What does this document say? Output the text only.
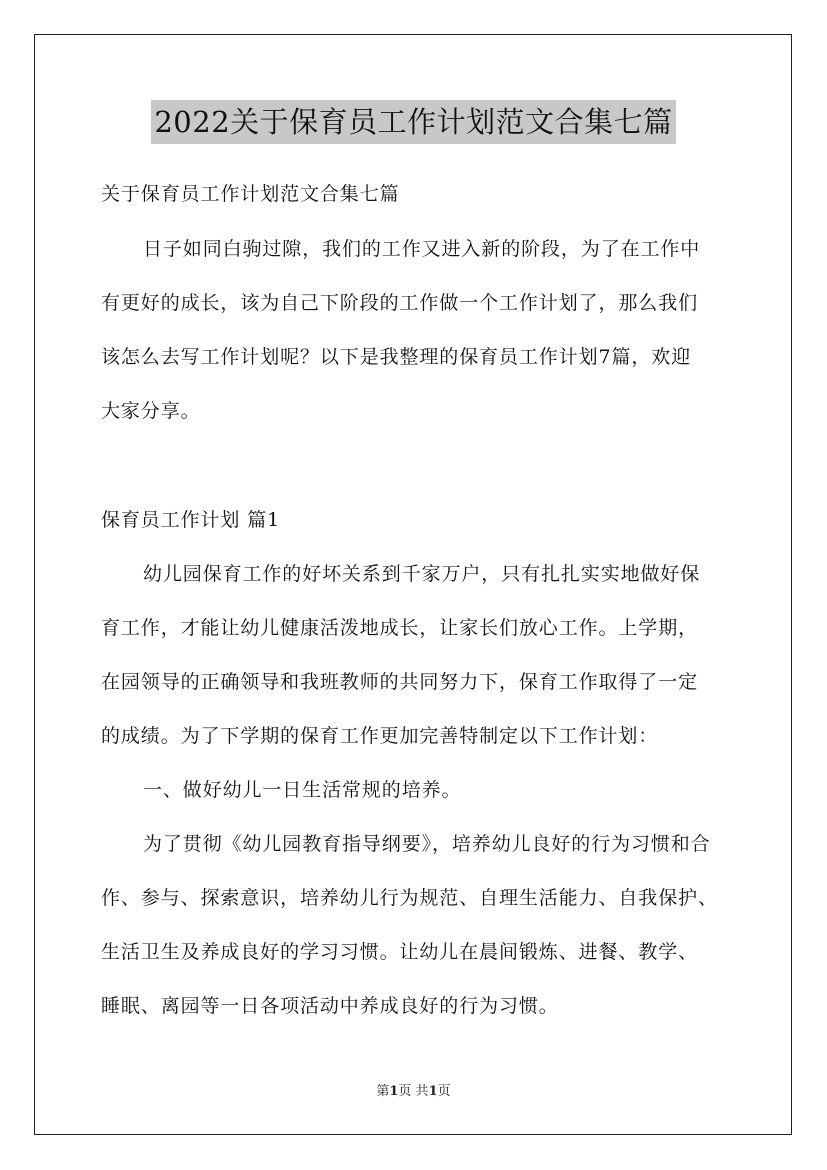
2022关于保育员工作计划范文合集七篇
关于保育员工作计划范文合集七篇
日子如同白驹过隙，我们的工作又进入新的阶段，为了在工作中
有更好的成长，该为自己下阶段的工作做一个工作计划了，那么我们
该怎么去写工作计划呢？以下是我整理的保育员工作计划7篇，欢迎
大家分享。
保育员工作计划 篇1
幼儿园保育工作的好坏关系到千家万户，只有扎扎实实地做好保
育工作，才能让幼儿健康活泼地成长，让家长们放心工作。上学期，
在园领导的正确领导和我班教师的共同努力下，保育工作取得了一定
的成绩。为了下学期的保育工作更加完善特制定以下工作计划：
一、做好幼儿一日生活常规的培养。
为了贯彻《幼儿园教育指导纲要》，培养幼儿良好的行为习惯和合
作、参与、探索意识，培养幼儿行为规范、自理生活能力、自我保护、
生活卫生及养成良好的学习习惯。让幼儿在晨间锻炼、进餐、教学、
睡眠、离园等一日各项活动中养成良好的行为习惯。
第1页 共1页
